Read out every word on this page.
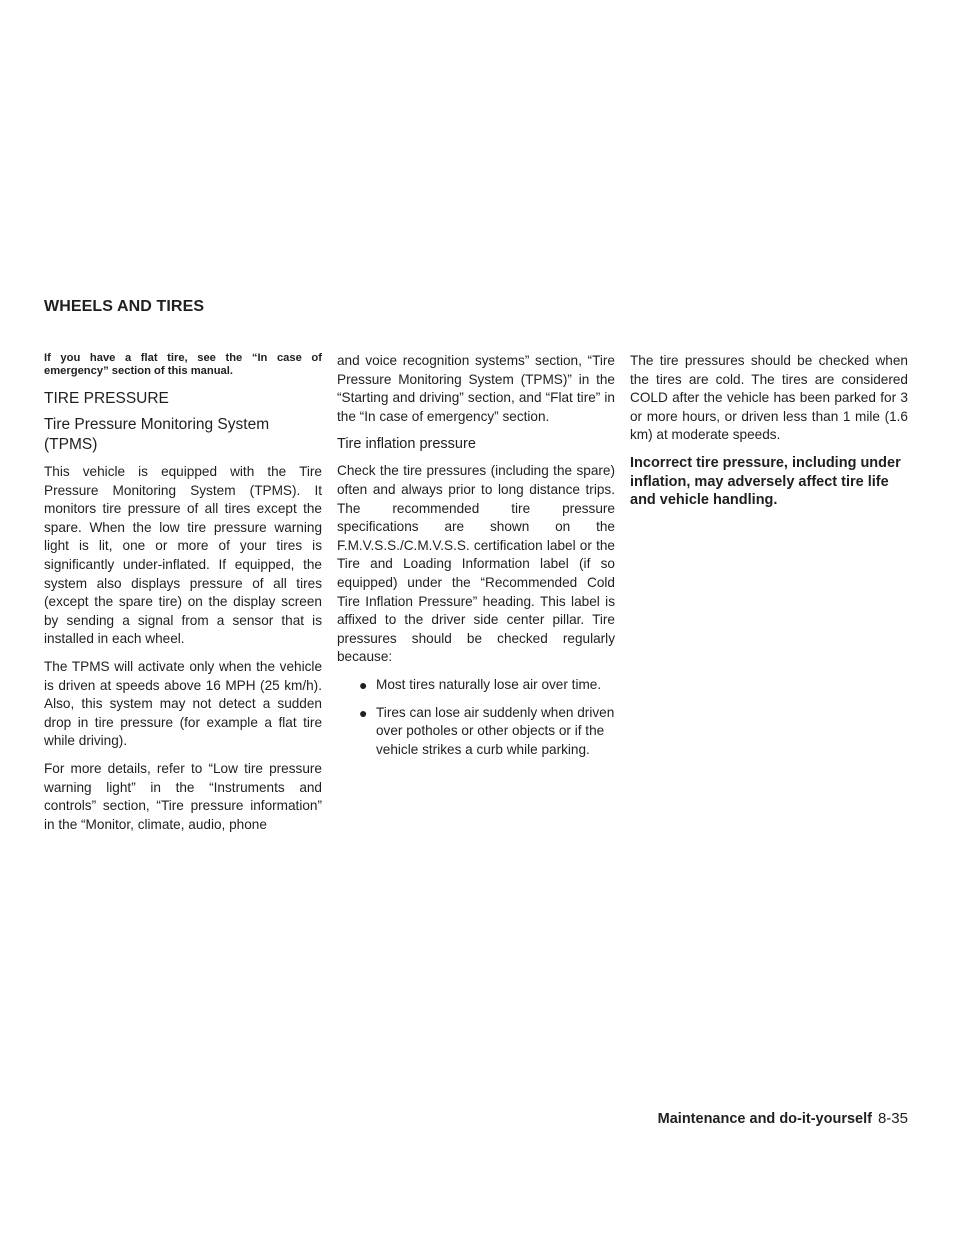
WHEELS AND TIRES

If you have a flat tire, see the “In case of emergency” section of this manual.

TIRE PRESSURE
Tire Pressure Monitoring System (TPMS)

This vehicle is equipped with the Tire Pressure Monitoring System (TPMS). It monitors tire pressure of all tires except the spare. When the low tire pressure warning light is lit, one or more of your tires is significantly under-inflated. If equipped, the system also displays pressure of all tires (except the spare tire) on the display screen by sending a signal from a sensor that is installed in each wheel.

The TPMS will activate only when the vehicle is driven at speeds above 16 MPH (25 km/h). Also, this system may not detect a sudden drop in tire pressure (for example a flat tire while driving).

For more details, refer to “Low tire pressure warning light” in the “Instruments and controls” section, “Tire pressure information” in the “Monitor, climate, audio, phone

and voice recognition systems” section, “Tire Pressure Monitoring System (TPMS)” in the “Starting and driving” section, and “Flat tire” in the “In case of emergency” section.

Tire inflation pressure

Check the tire pressures (including the spare) often and always prior to long distance trips. The recommended tire pressure specifications are shown on the F.M.V.S.S./C.M.V.S.S. certification label or the Tire and Loading Information label (if so equipped) under the “Recommended Cold Tire Inflation Pressure” heading. This label is affixed to the driver side center pillar. Tire pressures should be checked regularly because:

● Most tires naturally lose air over time.
● Tires can lose air suddenly when driven over potholes or other objects or if the vehicle strikes a curb while parking.

The tire pressures should be checked when the tires are cold. The tires are considered COLD after the vehicle has been parked for 3 or more hours, or driven less than 1 mile (1.6 km) at moderate speeds.

Incorrect tire pressure, including under inflation, may adversely affect tire life and vehicle handling.

Maintenance and do-it-yourself 8-35
